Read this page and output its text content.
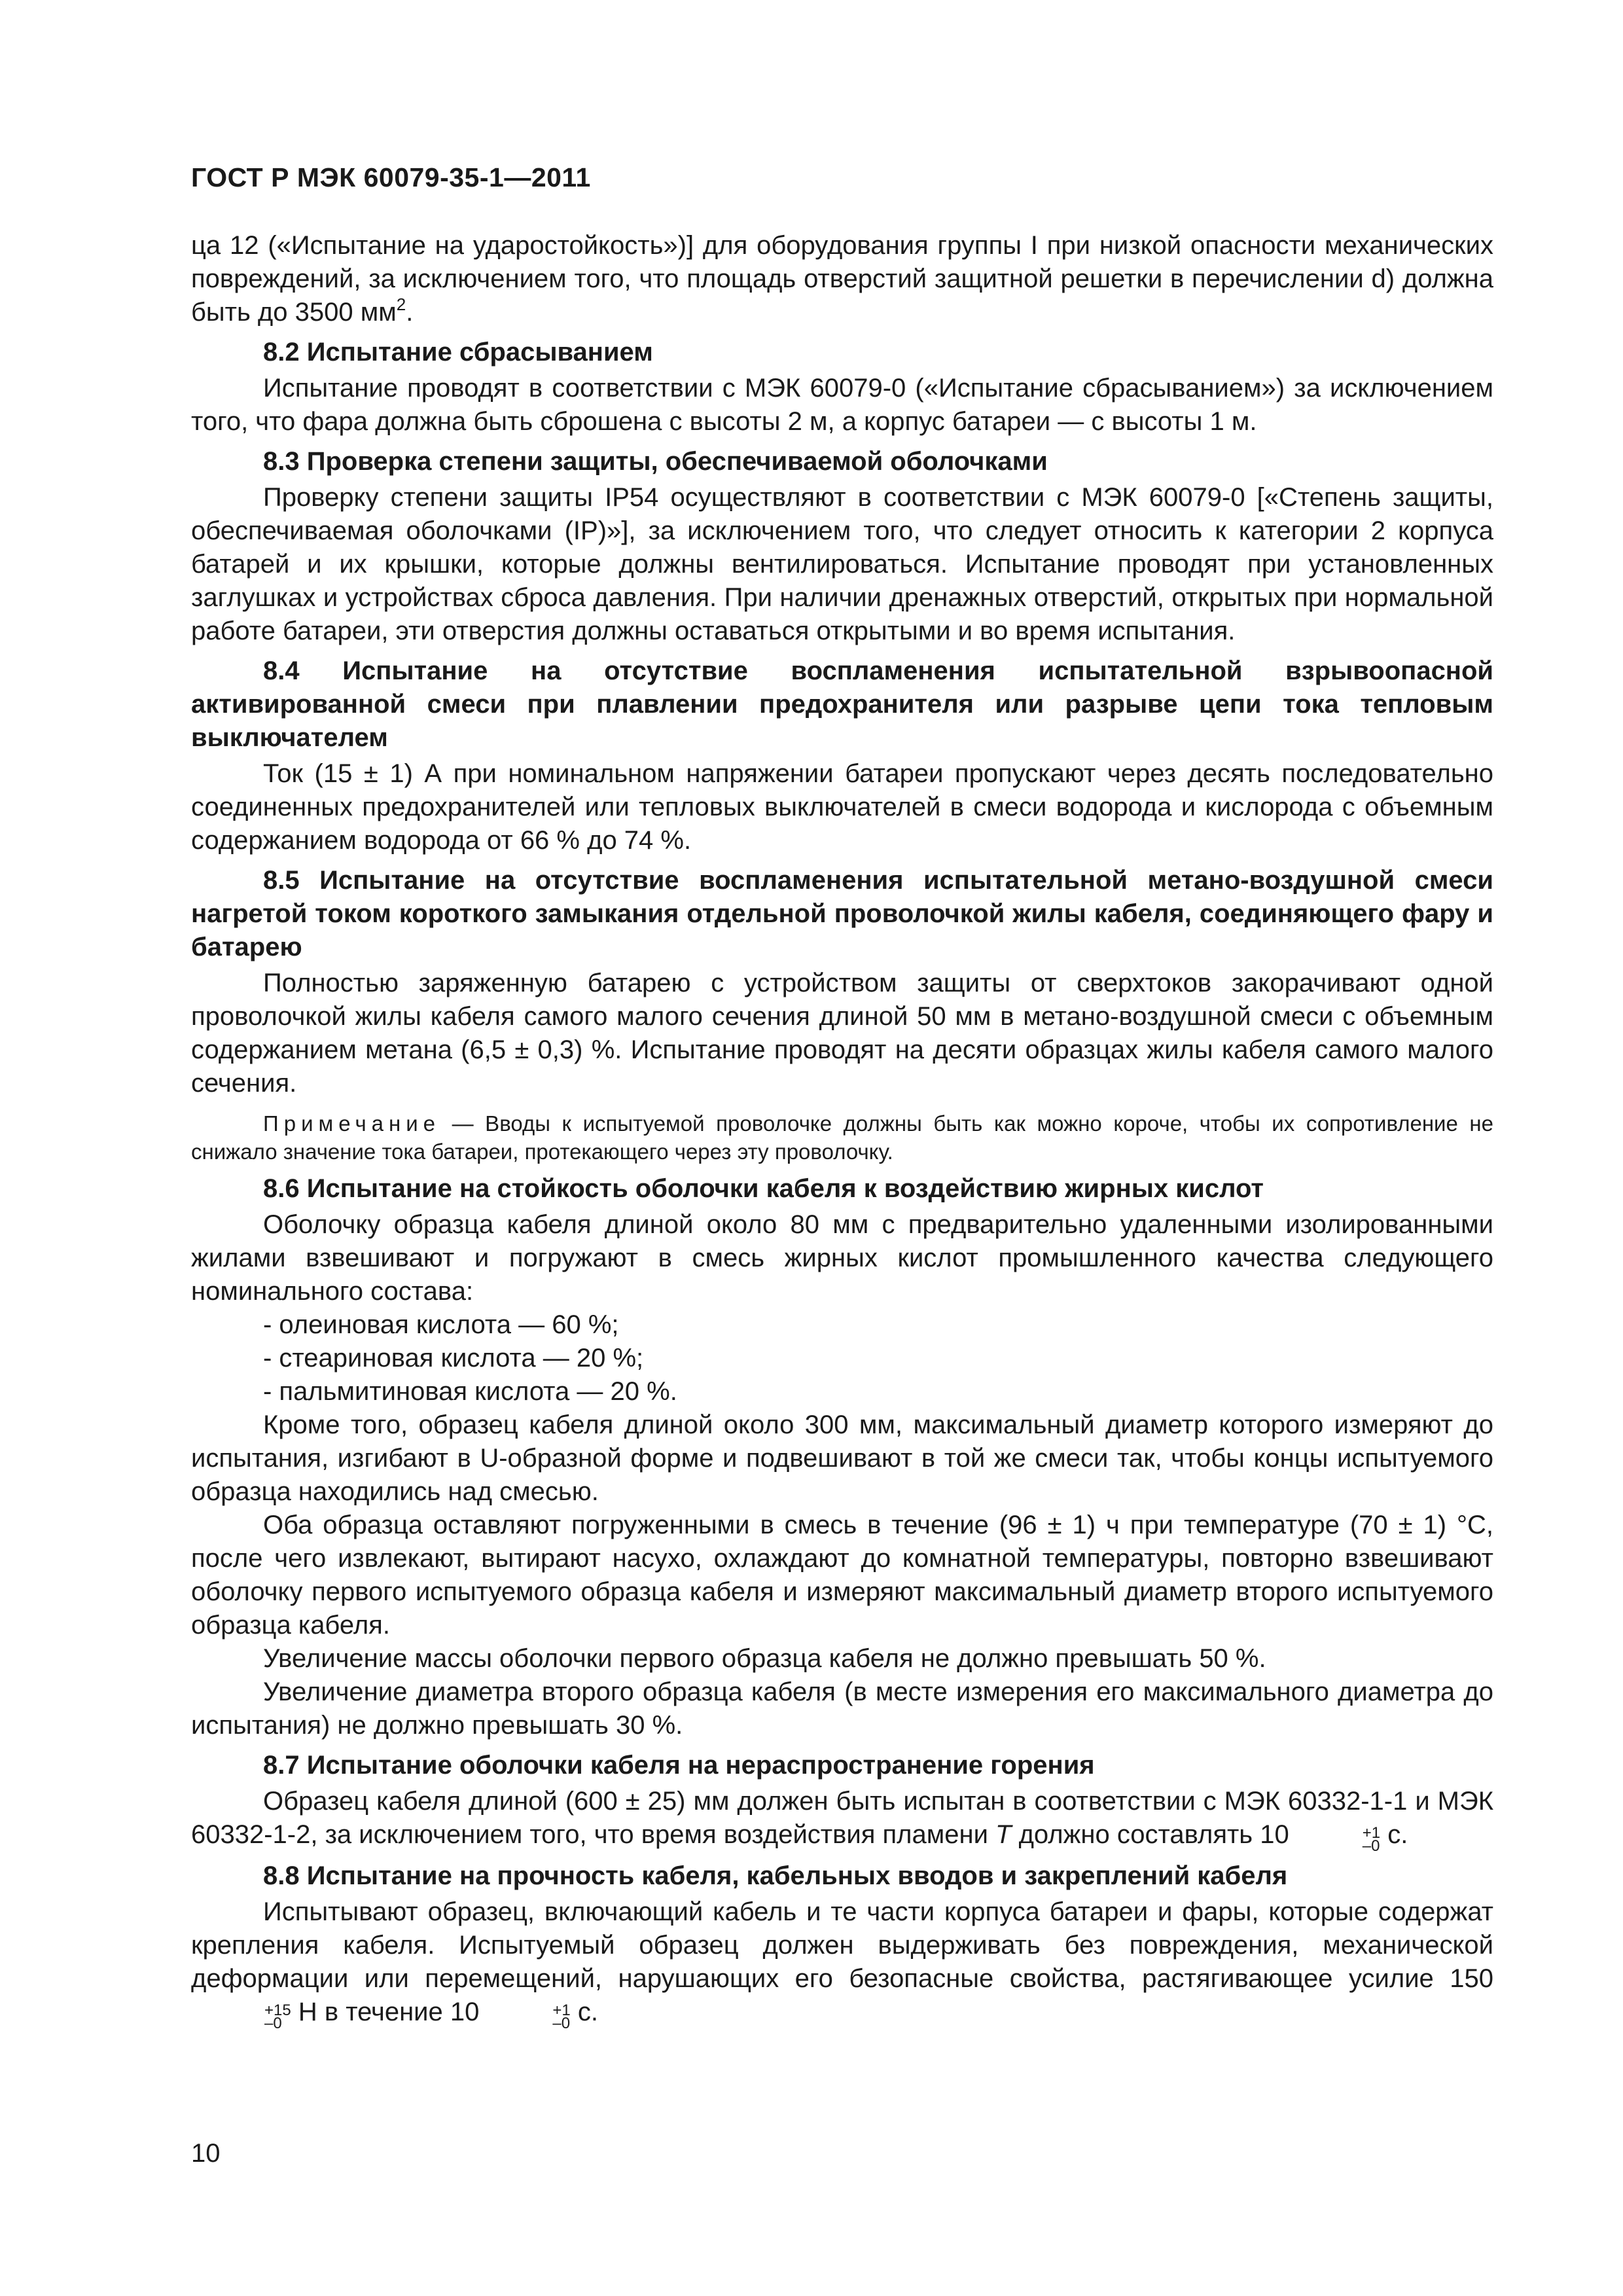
ГОСТ Р МЭК 60079-35-1—2011

ца 12 («Испытание на ударостойкость»)] для оборудования группы I при низкой опасности механических повреждений, за исключением того, что площадь отверстий защитной решетки в перечислении d) должна быть до 3500 $мм^2$.

8.2 Испытание сбрасыванием

Испытание проводят в соответствии с МЭК 60079-0 («Испытание сбрасыванием») за исключением того, что фара должна быть сброшена с высоты 2 м, а корпус батареи — с высоты 1 м.

8.3 Проверка степени защиты, обеспечиваемой оболочками

Проверку степени защиты IP54 осуществляют в соответствии с МЭК 60079-0 [«Степень защиты, обеспечиваемая оболочками (IP)»], за исключением того, что следует относить к категории 2 корпуса батарей и их крышки, которые должны вентилироваться. Испытание проводят при установленных заглушках и устройствах сброса давления. При наличии дренажных отверстий, открытых при нормальной работе батареи, эти отверстия должны оставаться открытыми и во время испытания.

8.4 Испытание на отсутствие воспламенения испытательной взрывоопасной активированной смеси при плавлении предохранителя или разрыве цепи тока тепловым выключателем

Ток (15 ± 1) А при номинальном напряжении батареи пропускают через десять последовательно соединенных предохранителей или тепловых выключателей в смеси водорода и кислорода с объемным содержанием водорода от 66 % до 74 %.

8.5 Испытание на отсутствие воспламенения испытательной метано-воздушной смеси нагретой током короткого замыкания отдельной проволочкой жилы кабеля, соединяющего фару и батарею

Полностью заряженную батарею с устройством защиты от сверхтоков закорачивают одной проволочкой жилы кабеля самого малого сечения длиной 50 мм в метано-воздушной смеси с объемным содержанием метана (6,5 ± 0,3) %. Испытание проводят на десяти образцах жилы кабеля самого малого сечения.

Примечание — Вводы к испытуемой проволочке должны быть как можно короче, чтобы их сопротивление не снижало значение тока батареи, протекающего через эту проволочку.

8.6 Испытание на стойкость оболочки кабеля к воздействию жирных кислот

Оболочку образца кабеля длиной около 80 мм с предварительно удаленными изолированными жилами взвешивают и погружают в смесь жирных кислот промышленного качества следующего номинального состава:

- олеиновая кислота — 60 %;

- стеариновая кислота — 20 %;

- пальмитиновая кислота — 20 %.

Кроме того, образец кабеля длиной около 300 мм, максимальный диаметр которого измеряют до испытания, изгибают в U-образной форме и подвешивают в той же смеси так, чтобы концы испытуемого образца находились над смесью.

Оба образца оставляют погруженными в смесь в течение (96 ± 1) ч при температуре (70 ± 1) °С, после чего извлекают, вытирают насухо, охлаждают до комнатной температуры, повторно взвешивают оболочку первого испытуемого образца кабеля и измеряют максимальный диаметр второго испытуемого образца кабеля.

Увеличение массы оболочки первого образца кабеля не должно превышать 50 %.

Увеличение диаметра второго образца кабеля (в месте измерения его максимального диаметра до испытания) не должно превышать 30 %.

8.7 Испытание оболочки кабеля на нераспространение горения

Образец кабеля длиной (600 ± 25) мм должен быть испытан в соответствии с МЭК 60332-1-1 и МЭК 60332-1-2, за исключением того, что время воздействия пламени Т должно составлять 10	+1
–0 с.

8.8 Испытание на прочность кабеля, кабельных вводов и закреплений кабеля

Испытывают образец, включающий кабель и те части корпуса батареи и фары, которые содержат крепления кабеля. Испытуемый образец должен выдерживать без повреждения, механической деформации или перемещений, нарушающих его безопасные свойства, растягивающее усилие 150
+15
–0 Н в течение 10	+1
–0 с.

10
